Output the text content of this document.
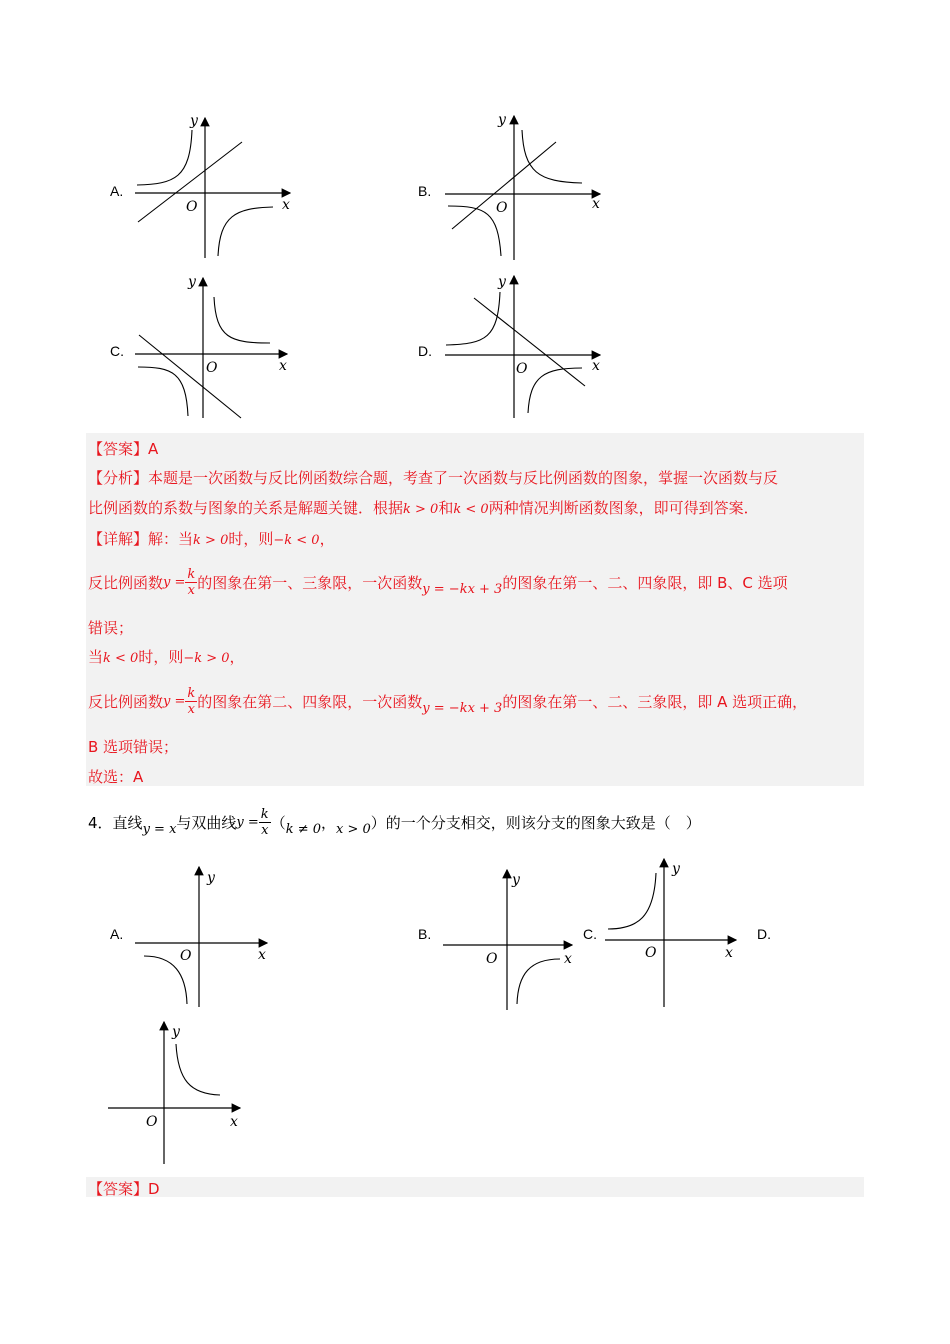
A.
O	x
y
B.
O	x
y
C.
O	x
y
D.
O	x
y
【答案】A
【分析】本题是一次函数与反比例函数综合题，考查了一次函数与反比例函数的图象，掌握一次函数与反
比例函数的系数与图象的关系是解题关键．根据k > 0和k < 0两种情况判断函数图象，即可得到答案．
【详解】解：当k > 0时，则−k < 0，
反比例函数 $y = \frac{k}{x}$ 的图象在第一、三象限，一次函数 y = −kx + 3 的图象在第一、二、四象限，即 B、C 选项
错误；
当k < 0时，则−k > 0，
反比例函数 $y = \frac{k}{x}$ 的图象在第二、四象限，一次函数 y = −kx + 3 的图象在第一、二、三象限，即 A 选项正确，
B 选项错误；
故选：A
4． 直线 y = x 与双曲线 $y = \frac{k}{x}$ （ k ≠ 0 ， x > 0 ）的一个分支相交，则该分支的图象大致是（　）
A.
O	x
y
B.
O	x
y
C.
O	x
y
D.
O	x
y
【答案】D
